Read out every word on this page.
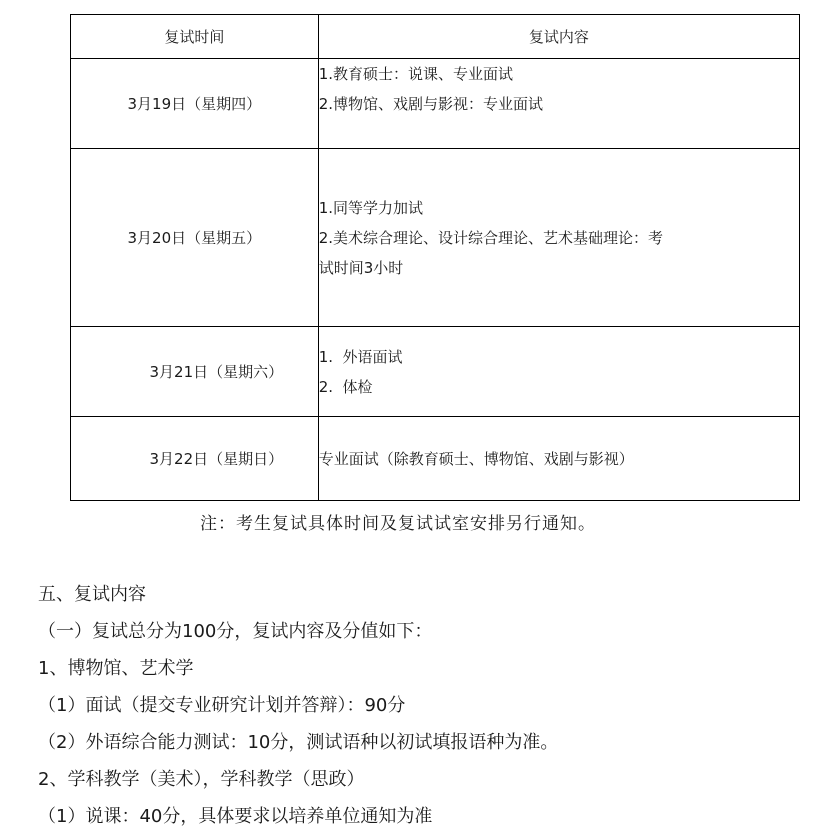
复试时间	复试内容
3月19日（星期四）	1.教育硕士：说课、专业面试
2.博物馆、戏剧与影视：专业面试

3月20日（星期五）	1.同等学力加试
2.美术综合理论、设计综合理论、艺术基础理论：考
试时间3小时

3月21日（星期六）	1.  外语面试
2.  体检

3月22日（星期日）	专业面试（除教育硕士、博物馆、戏剧与影视）
注：考生复试具体时间及复试试室安排另行通知。
五、复试内容
（一）复试总分为100分，复试内容及分值如下：
1、博物馆、艺术学
（1）面试（提交专业研究计划并答辩）：90分
（2）外语综合能力测试：10分，测试语种以初试填报语种为准。
2、学科教学（美术），学科教学（思政）
（1）说课：40分，具体要求以培养单位通知为准
